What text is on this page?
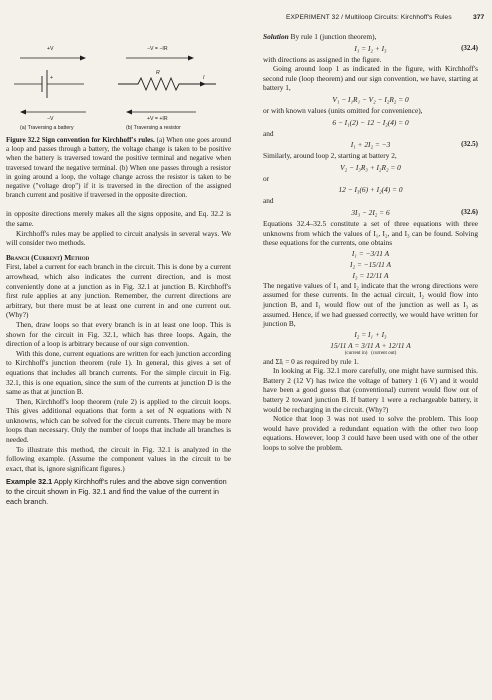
EXPERIMENT 32 / Multiloop Circuits: Kirchhoff's Rules	377
+V
+
−V
−V = −IR
R
I
+V = +IR
(a) Traversing a battery	(b) Traversing a resistor

Figure 32.2 Sign convention for Kirchhoff's rules. (a) When one goes around a loop and passes through a battery, the voltage change is taken to be positive when the battery is traversed toward the positive terminal and negative when traversed toward the negative terminal. (b) When one passes through a resistor in going around a loop, the voltage change across the resistor is taken to be negative ("voltage drop") if it is traversed in the direction of the assigned branch current and positive if traversed in the opposite direction.

in opposite directions merely makes all the signs opposite, and Eq. 32.2 is the same.

Kirchhoff's rules may be applied to circuit analysis in several ways. We will consider two methods.

Branch (Current) Method

First, label a current for each branch in the circuit. This is done by a current arrowhead, which also indicates the current direction, and is most conveniently done at a junction as in Fig. 32.1 at junction B. Kirchhoff's first rule applies at any junction. Remember, the current directions are arbitrary, but there must be at least one current in and one current out. (Why?)

Then, draw loops so that every branch is in at least one loop. This is shown for the circuit in Fig. 32.1, which has three loops. Again, the direction of a loop is arbitrary because of our sign convention.

With this done, current equations are written for each junction according to Kirchhoff's junction theorem (rule 1). In general, this gives a set of equations that includes all branch currents. For the simple circuit in Fig. 32.1, this is one equation, since the sum of the currents at junction D is the same as that at junction B.

Then, Kirchhoff's loop theorem (rule 2) is applied to the circuit loops. This gives additional equations that form a set of N equations with N unknowns, which can be solved for the circuit currents. There may be more loops than necessary. Only the number of loops that include all branches is needed.

To illustrate this method, the circuit in Fig. 32.1 is analyzed in the following example. (Assume the component values in the circuit to be exact, that is, ignore significant figures.)

Example 32.1 Apply Kirchhoff's rules and the above sign convention to the circuit shown in Fig. 32.1 and find the value of the current in each branch.

Solution By rule 1 (junction theorem),

I₁ = I₂ + I₃	(32.4)

with directions as assigned in the figure.

Going around loop 1 as indicated in the figure, with Kirchhoff's second rule (loop theorem) and our sign convention, we have, starting at battery 1,

V₁ − I₁R₁ − V₂ − I₂R₂ = 0

or with known values (units omitted for convenience),

6 − I₁(2) − 12 − I₂(4) = 0

and

I₁ + 2I₂ = −3	(32.5)

Similarly, around loop 2, starting at battery 2,

V₂ − I₃R₃ + I₂R₂ = 0

or

12 − I₃(6) + I₂(4) = 0

and

3I₃ − 2I₂ = 6	(32.6)

Equations 32.4–32.5 constitute a set of three equations with three unknowns from which the values of I₁, I₂, and I₃ can be found. Solving these equations for the currents, one obtains

I₁ = −3/11 A
I₂ = −15/11 A
I₃ = 12/11 A

The negative values of I₁ and I₂ indicate that the wrong directions were assumed for these currents. In the actual circuit, I₂ would flow into junction B, and I₁ would flow out of the junction as well as I₃ as assumed. Hence, if we had guessed correctly, we would have written for junction B,

I₂ = I₁ + I₃
15/11 A = 3/11 A + 12/11 A
(current in) (current out)

and ΣIᵢ = 0 as required by rule 1.

In looking at Fig. 32.1 more carefully, one might have surmised this. Battery 2 (12 V) has twice the voltage of battery 1 (6 V) and it would have been a good guess that (conventional) current would flow out of battery 2 toward junction B. If battery 1 were a rechargeable battery, it would be recharging in the circuit. (Why?)

Notice that loop 3 was not used to solve the problem. This loop would have provided a redundant equation with the other two loop equations. However, loop 3 could have been used with one of the other loops to solve the problem.
